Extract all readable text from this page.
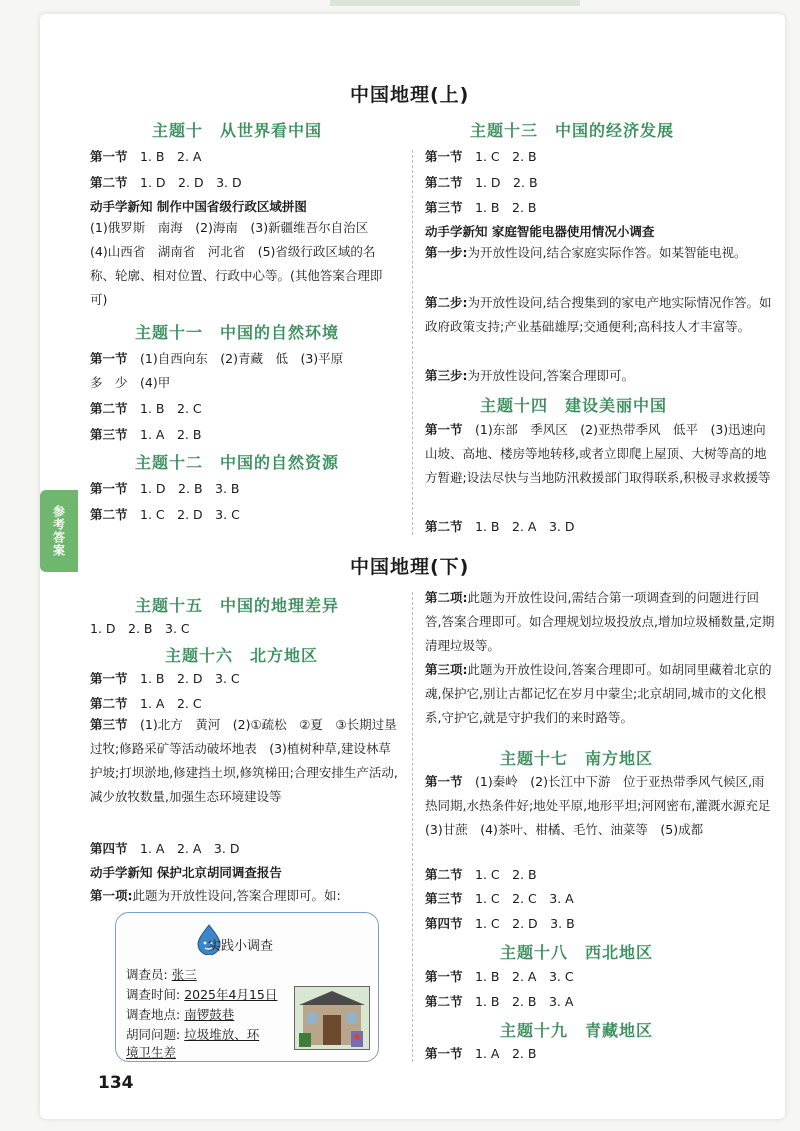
参考答案
中国地理(上)
主题十　从世界看中国
第一节　 1. B　2. A
第二节　 1. D　2. D　3. D
动手学新知 制作中国省级行政区域拼图
(1)俄罗斯　南海　(2)海南　(3)新疆维吾尔自治区　(4)山西省　湖南省　河北省　(5)省级行政区域的名称、轮廓、相对位置、行政中心等。(其他答案合理即可)
主题十一　中国的自然环境
第一节　 (1)自西向东　(2)青藏　低　(3)平原
多　少　(4)甲
第二节　 1. B　2. C
第三节　 1. A　2. B
主题十二　中国的自然资源
第一节　 1. D　2. B　3. B
第二节　 1. C　2. D　3. C
主题十三　中国的经济发展
第一节　 1. C　2. B
第二节　 1. D　2. B
第三节　 1. B　2. B
动手学新知 家庭智能电器使用情况小调查
第一步:为开放性设问,结合家庭实际作答。如某智能电视。
第二步:为开放性设问,结合搜集到的家电产地实际情况作答。如政府政策支持;产业基础雄厚;交通便利;高科技人才丰富等。
第三步:为开放性设问,答案合理即可。
主题十四　建设美丽中国
第一节　 (1)东部　季风区　(2)亚热带季风　低平　(3)迅速向山坡、高地、楼房等地转移,或者立即爬上屋顶、大树等高的地方暂避;设法尽快与当地防汛救援部门取得联系,积极寻求救援等
第二节　 1. B　2. A　3. D
中国地理(下)
主题十五　中国的地理差异
1. D　2. B　3. C
主题十六　北方地区
第一节　 1. B　2. D　3. C
第二节　 1. A　2. C
第三节　 (1)北方　黄河　(2)①疏松　②夏　③长期过垦过牧;修路采矿等活动破坏地表　(3)植树种草,建设林草护坡;打坝淤地,修建挡土坝,修筑梯田;合理安排生产活动,减少放牧数量,加强生态环境建设等
第四节　 1. A　2. A　3. D
动手学新知 保护北京胡同调查报告
第一项:此题为开放性设问,答案合理即可。如:
实践小调查
调查员: 张三
调查时间: 2025年4月15日
调查地点: 南锣鼓巷
胡同问题: 垃圾堆放、环
境卫生差
第二项:此题为开放性设问,需结合第一项调查到的问题进行回答,答案合理即可。如合理规划垃圾投放点,增加垃圾桶数量,定期清理垃圾等。
第三项:此题为开放性设问,答案合理即可。如胡同里藏着北京的魂,保护它,别让古都记忆在岁月中蒙尘;北京胡同,城市的文化根系,守护它,就是守护我们的来时路等。
主题十七　南方地区
第一节　 (1)秦岭　(2)长江中下游　位于亚热带季风气候区,雨热同期,水热条件好;地处平原,地形平坦;河网密布,灌溉水源充足　(3)甘蔗　(4)茶叶、柑橘、毛竹、油菜等　(5)成都
第二节　 1. C　2. B
第三节　 1. C　2. C　3. A
第四节　 1. C　2. D　3. B
主题十八　西北地区
第一节　 1. B　2. A　3. C
第二节　 1. B　2. B　3. A
主题十九　青藏地区
第一节　 1. A　2. B
134
